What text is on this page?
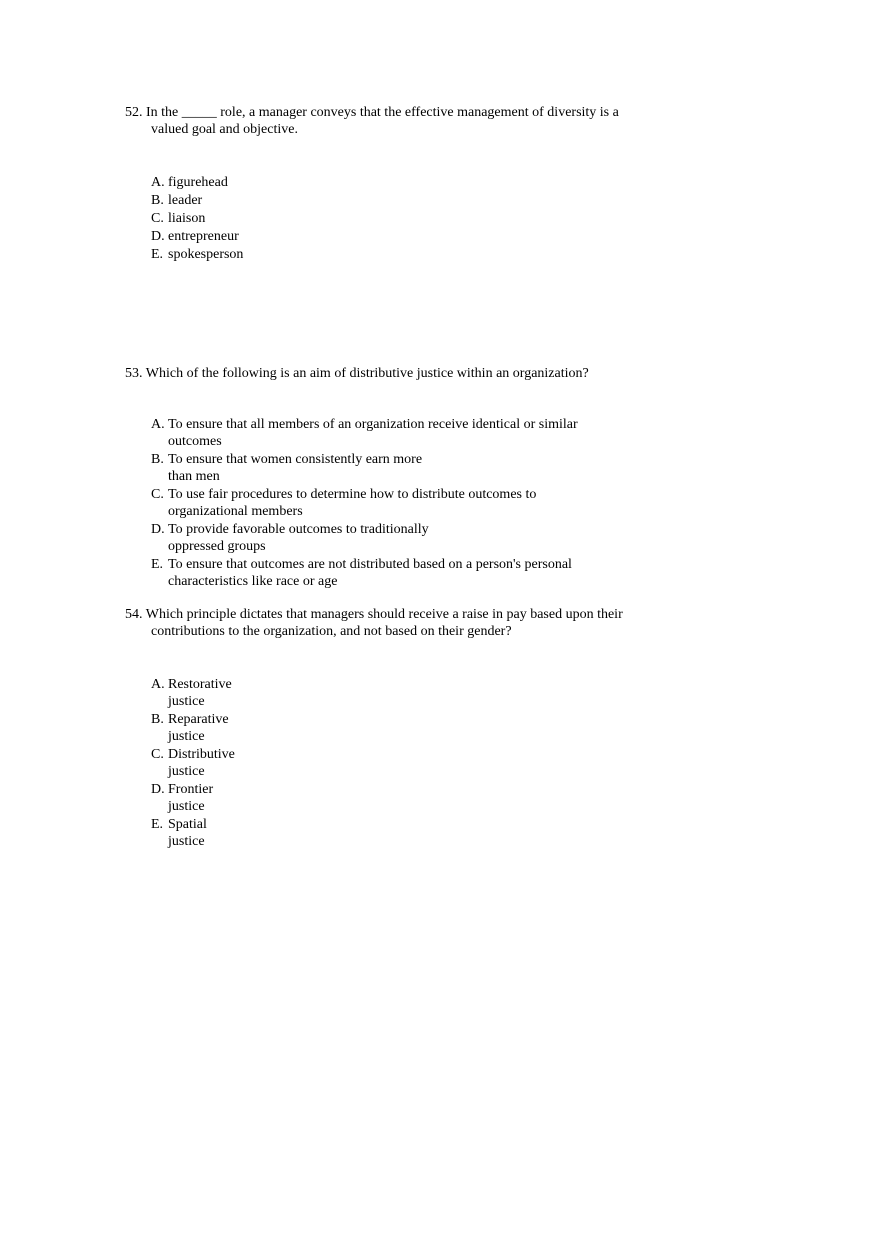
52. In the _____ role, a manager conveys that the effective management of diversity is a valued goal and objective.

A. figurehead
B. leader
C. liaison
D. entrepreneur
E. spokesperson

53. Which of the following is an aim of distributive justice within an organization?

A. To ensure that all members of an organization receive identical or similar outcomes
B. To ensure that women consistently earn more than men
C. To use fair procedures to determine how to distribute outcomes to organizational members
D. To provide favorable outcomes to traditionally oppressed groups
E. To ensure that outcomes are not distributed based on a person's personal characteristics like race or age

54. Which principle dictates that managers should receive a raise in pay based upon their contributions to the organization, and not based on their gender?

A. Restorative justice
B. Reparative justice
C. Distributive justice
D. Frontier justice
E. Spatial justice
